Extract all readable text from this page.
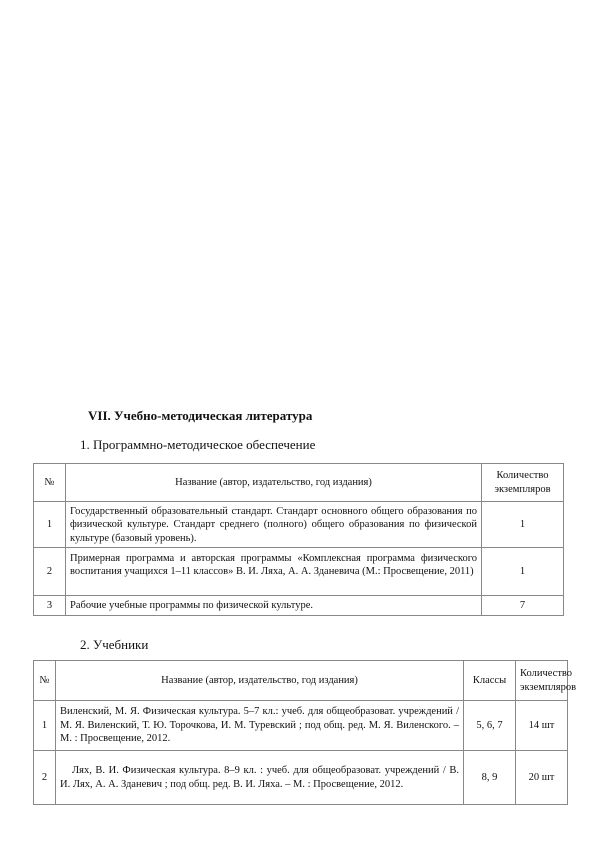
VII. Учебно-методическая литература
1. Программно-методическое обеспечение
№	Название (автор, издательство, год издания)	Количество экземпляров
1	Государственный образовательный стандарт. Стандарт основного общего образования по физической культуре. Стандарт среднего (полного) общего образования по физической культуре (базовый уровень).	1
2	Примерная программа и авторская программы «Комплексная программа физического воспитания учащихся 1–11 классов» В. И. Ляха, А. А. Зданевича (М.: Просвещение, 2011)	1
3	Рабочие учебные программы по физической культуре.	7
2. Учебники
№	Название (автор, издательство, год издания)	Классы	Количество экземпляров
1	Виленский, М. Я. Физическая культура. 5–7 кл.: учеб. для общеобразоват. учреждений / М. Я. Виленский, Т. Ю. Торочкова, И. М. Туревский ; под общ. ред. М. Я. Виленского. – М. : Просвещение, 2012.	5, 6, 7	14 шт
2	Лях, В. И. Физическая культура. 8–9 кл. : учеб. для общеобразоват. учреждений / В. И. Лях, А. А. Зданевич ; под общ. ред. В. И. Ляха. – М. : Просвещение, 2012.	8, 9	20 шт
